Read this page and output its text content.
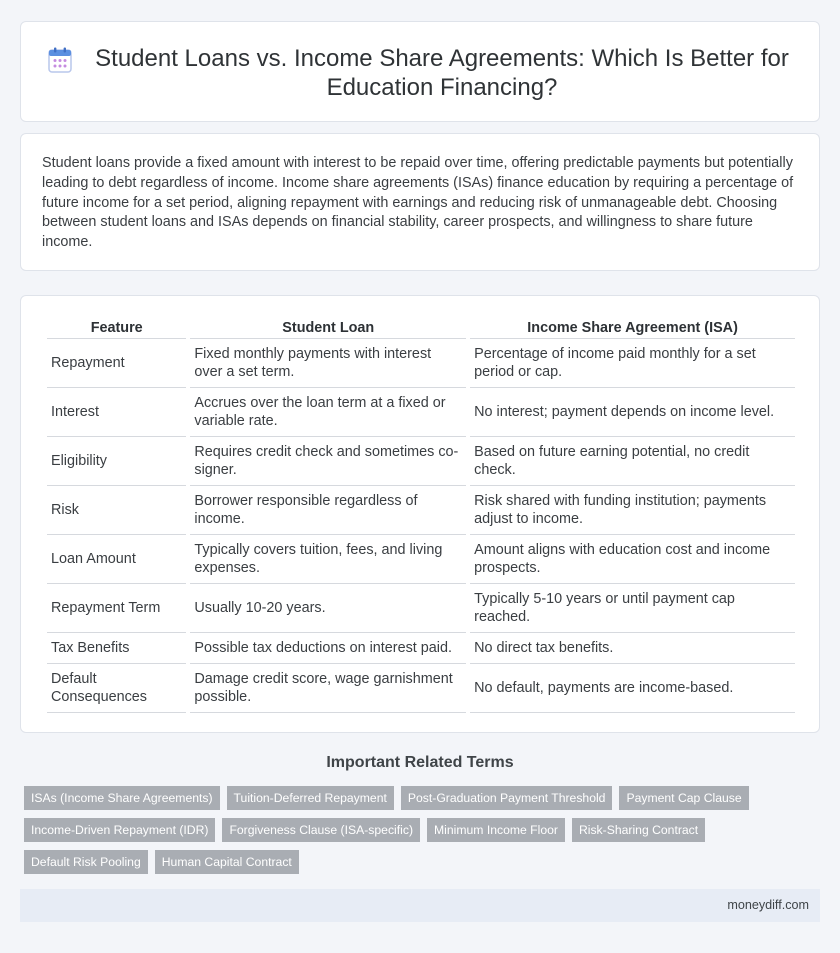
Student Loans vs. Income Share Agreements: Which Is Better for Education Financing?

Student loans provide a fixed amount with interest to be repaid over time, offering predictable payments but potentially leading to debt regardless of income. Income share agreements (ISAs) finance education by requiring a percentage of future income for a set period, aligning repayment with earnings and reducing risk of unmanageable debt. Choosing between student loans and ISAs depends on financial stability, career prospects, and willingness to share future income.

Feature	Student Loan	Income Share Agreement (ISA)
Repayment	Fixed monthly payments with interest over a set term.	Percentage of income paid monthly for a set period or cap.
Interest	Accrues over the loan term at a fixed or variable rate.	No interest; payment depends on income level.
Eligibility	Requires credit check and sometimes co-signer.	Based on future earning potential, no credit check.
Risk	Borrower responsible regardless of income.	Risk shared with funding institution; payments adjust to income.
Loan Amount	Typically covers tuition, fees, and living expenses.	Amount aligns with education cost and income prospects.
Repayment Term	Usually 10-20 years.	Typically 5-10 years or until payment cap reached.
Tax Benefits	Possible tax deductions on interest paid.	No direct tax benefits.
Default Consequences	Damage credit score, wage garnishment possible.	No default, payments are income-based.
Important Related Terms
ISAs (Income Share Agreements)	Tuition-Deferred Repayment	Post-Graduation Payment Threshold	Payment Cap Clause
Income-Driven Repayment (IDR)	Forgiveness Clause (ISA-specific)	Minimum Income Floor	Risk-Sharing Contract
Default Risk Pooling	Human Capital Contract
moneydiff.com
